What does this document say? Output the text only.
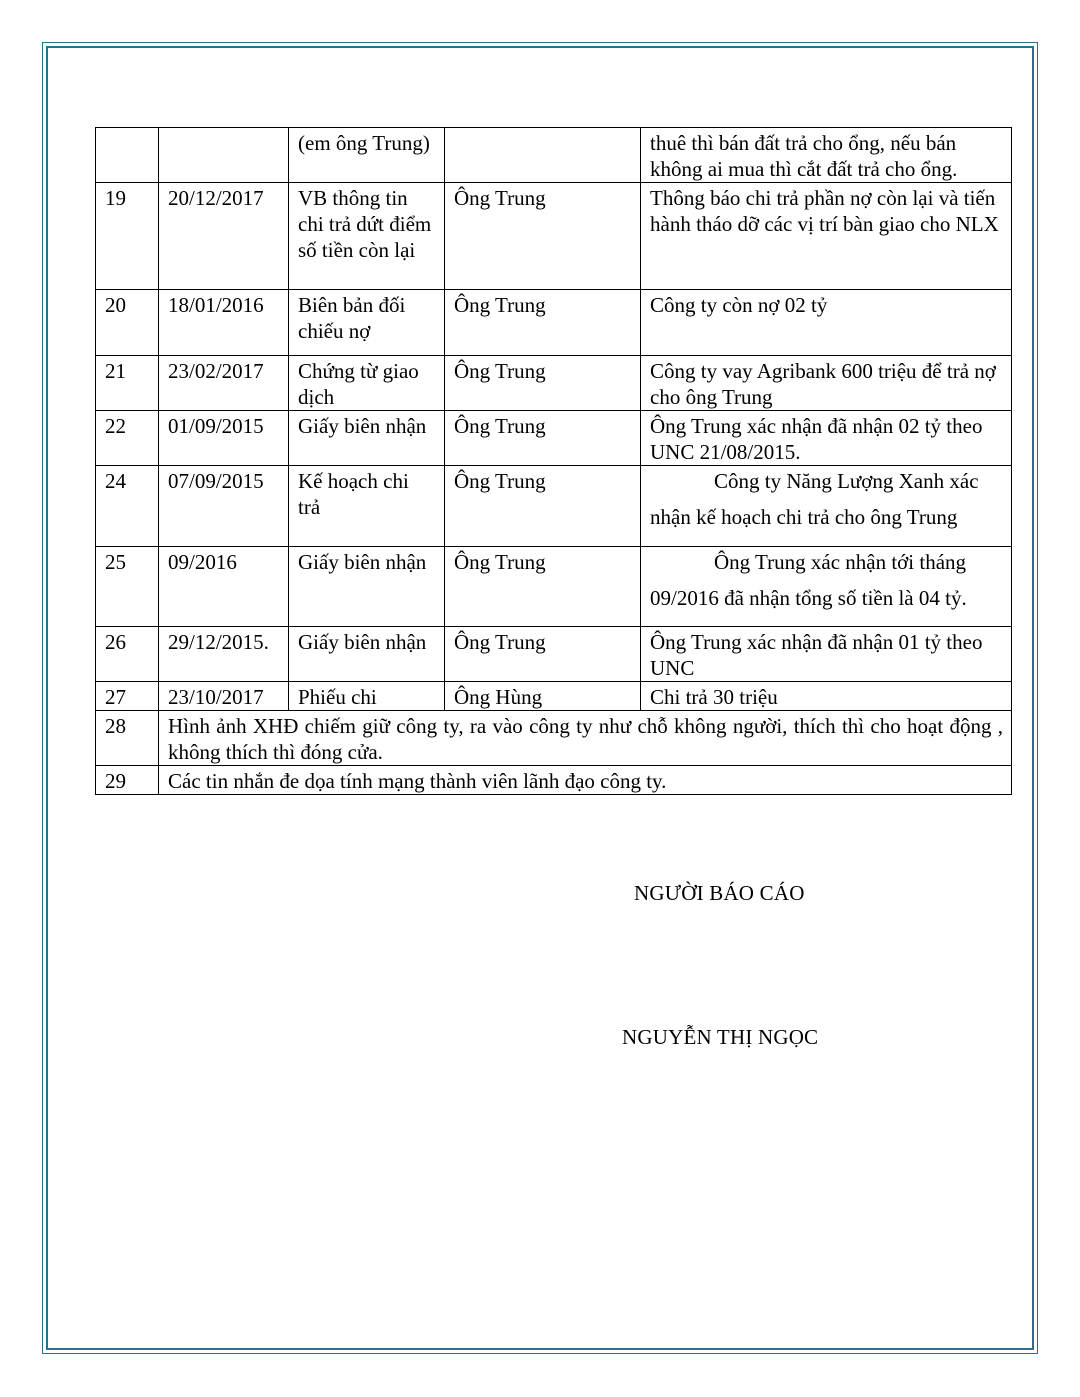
		(em ông Trung)		thuê thì bán đất trả cho ổng, nếu bán không ai mua thì cắt đất trả cho ổng.
19	20/12/2017	VB thông tin chi trả dứt điểm số tiền còn lại	Ông Trung	Thông báo chi trả phần nợ còn lại và tiến hành tháo dỡ các vị trí bàn giao cho NLX
20	18/01/2016	Biên bản đối chiếu nợ	Ông Trung	Công ty còn nợ 02 tỷ
21	23/02/2017	Chứng từ giao dịch	Ông Trung	Công ty vay Agribank 600 triệu để trả nợ cho ông Trung
22	01/09/2015	Giấy biên nhận	Ông Trung	Ông Trung xác nhận đã nhận 02 tỷ theo UNC 21/08/2015.
24	07/09/2015	Kế hoạch chi trả	Ông Trung	Công ty Năng Lượng Xanh xác
nhận kế hoạch chi trả cho ông Trung

25	09/2016	Giấy biên nhận	Ông Trung	Ông Trung xác nhận tới tháng
09/2016 đã nhận tổng số tiền là 04 tỷ.

26	29/12/2015.	Giấy biên nhận	Ông Trung	Ông Trung xác nhận đã nhận 01 tỷ theo UNC
27	23/10/2017	Phiếu chi	Ông Hùng	Chi trả 30 triệu
28	Hình ảnh XHĐ chiếm giữ công ty, ra vào công ty như chỗ không người, thích thì cho hoạt động , không thích thì đóng cửa.			
29	Các tin nhắn đe dọa tính mạng thành viên lãnh đạo công ty.			
NGƯỜI BÁO CÁO
NGUYỄN THỊ NGỌC
